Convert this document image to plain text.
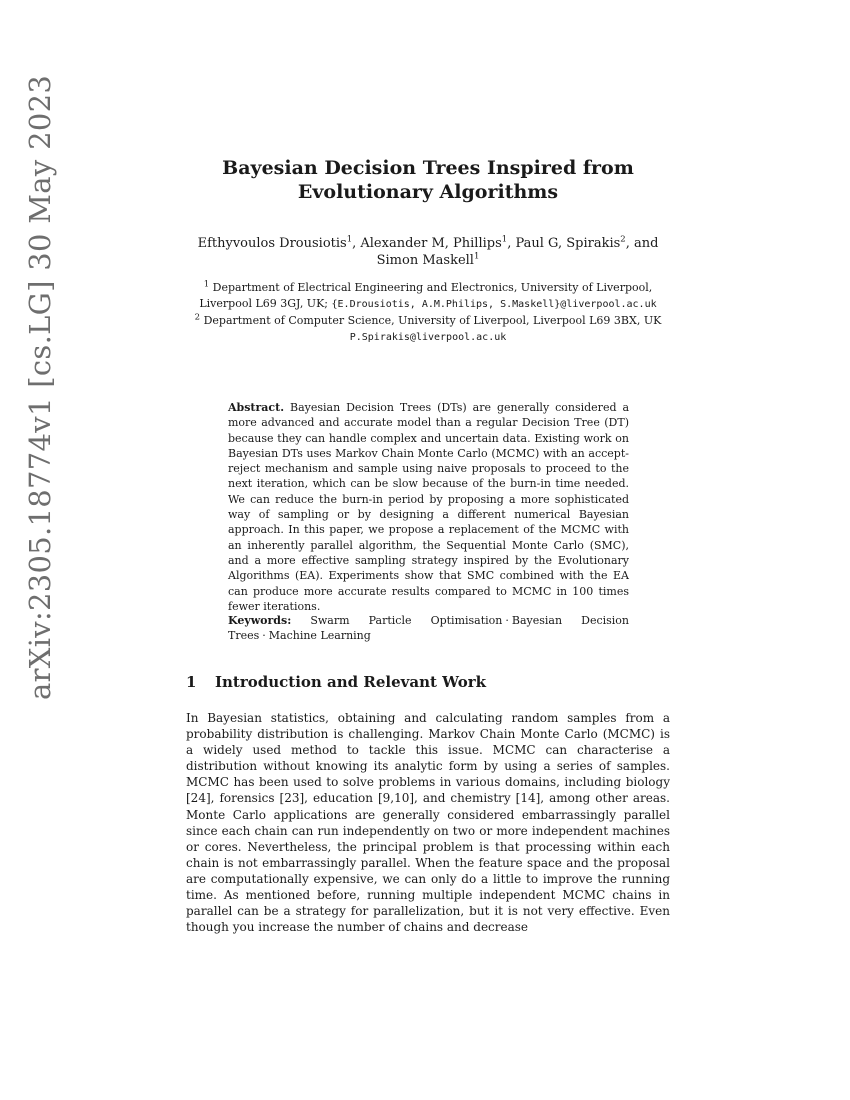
arXiv:2305.18774v1 [cs.LG] 30 May 2023	Bayesian Decision Trees Inspired from
Evolutionary Algorithms
Efthyvoulos Drousiotis$^1$, Alexander M, Phillips$^1$, Paul G, Spirakis$^2$, and Simon Maskell$^1$
$^1$ Department of Electrical Engineering and Electronics, University of Liverpool, Liverpool L69 3GJ, UK; {E.Drousiotis, A.M.Philips, S.Maskell}@liverpool.ac.uk
$^2$ Department of Computer Science, University of Liverpool, Liverpool L69 3BX, UK
P.Spirakis@liverpool.ac.uk
Abstract. Bayesian Decision Trees (DTs) are generally considered a more advanced and accurate model than a regular Decision Tree (DT) because they can handle complex and uncertain data. Existing work on Bayesian DTs uses Markov Chain Monte Carlo (MCMC) with an accept-reject mechanism and sample using naive proposals to proceed to the next iteration, which can be slow because of the burn-in time needed. We can reduce the burn-in period by proposing a more sophisticated way of sampling or by designing a different numerical Bayesian approach. In this paper, we propose a replacement of the MCMC with an inherently parallel algorithm, the Sequential Monte Carlo (SMC), and a more effective sampling strategy inspired by the Evolutionary Algorithms (EA). Experiments show that SMC combined with the EA can produce more accurate results compared to MCMC in 100 times fewer iterations.
Keywords: Swarm Particle Optimisation · Bayesian Decision Trees · Machine Learning
1 Introduction and Relevant Work
In Bayesian statistics, obtaining and calculating random samples from a probability distribution is challenging. Markov Chain Monte Carlo (MCMC) is a widely used method to tackle this issue. MCMC can characterise a distribution without knowing its analytic form by using a series of samples. MCMC has been used to solve problems in various domains, including biology [24], forensics [23], education [9,10], and chemistry [14], among other areas. Monte Carlo applications are generally considered embarrassingly parallel since each chain can run independently on two or more independent machines or cores. Nevertheless, the principal problem is that processing within each chain is not embarrassingly parallel. When the feature space and the proposal are computationally expensive, we can only do a little to improve the running time. As mentioned before, running multiple independent MCMC chains in parallel can be a strategy for parallelization, but it is not very effective. Even though you increase the number of chains and decrease
